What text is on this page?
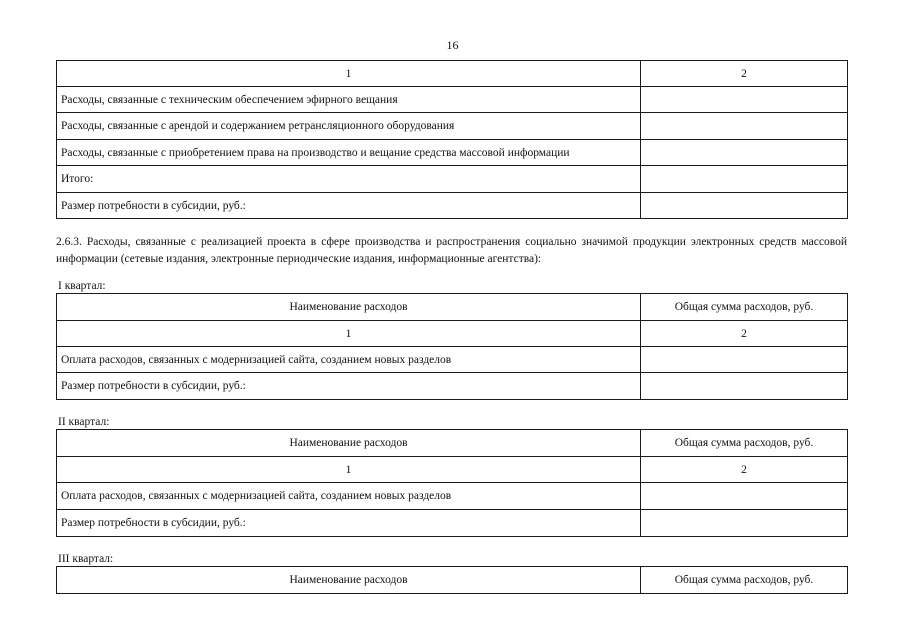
16
1	2
Расходы, связанные с техническим обеспечением эфирного вещания	
Расходы, связанные с арендой и содержанием ретрансляционного оборудования	
Расходы, связанные с приобретением права на производство и вещание средства массовой информации	
Итого:	
Размер потребности в субсидии, руб.:	
2.6.3. Расходы, связанные с реализацией проекта в сфере производства и распространения социально значимой продукции электронных средств массовой информации (сетевые издания, электронные периодические издания, информационные агентства):
I квартал:
Наименование расходов	Общая сумма расходов, руб.
1	2
Оплата расходов, связанных с модернизацией сайта, созданием новых разделов	
Размер потребности в субсидии, руб.:	
II квартал:
Наименование расходов	Общая сумма расходов, руб.
1	2
Оплата расходов, связанных с модернизацией сайта, созданием новых разделов	
Размер потребности в субсидии, руб.:	
III квартал:
Наименование расходов	Общая сумма расходов, руб.
